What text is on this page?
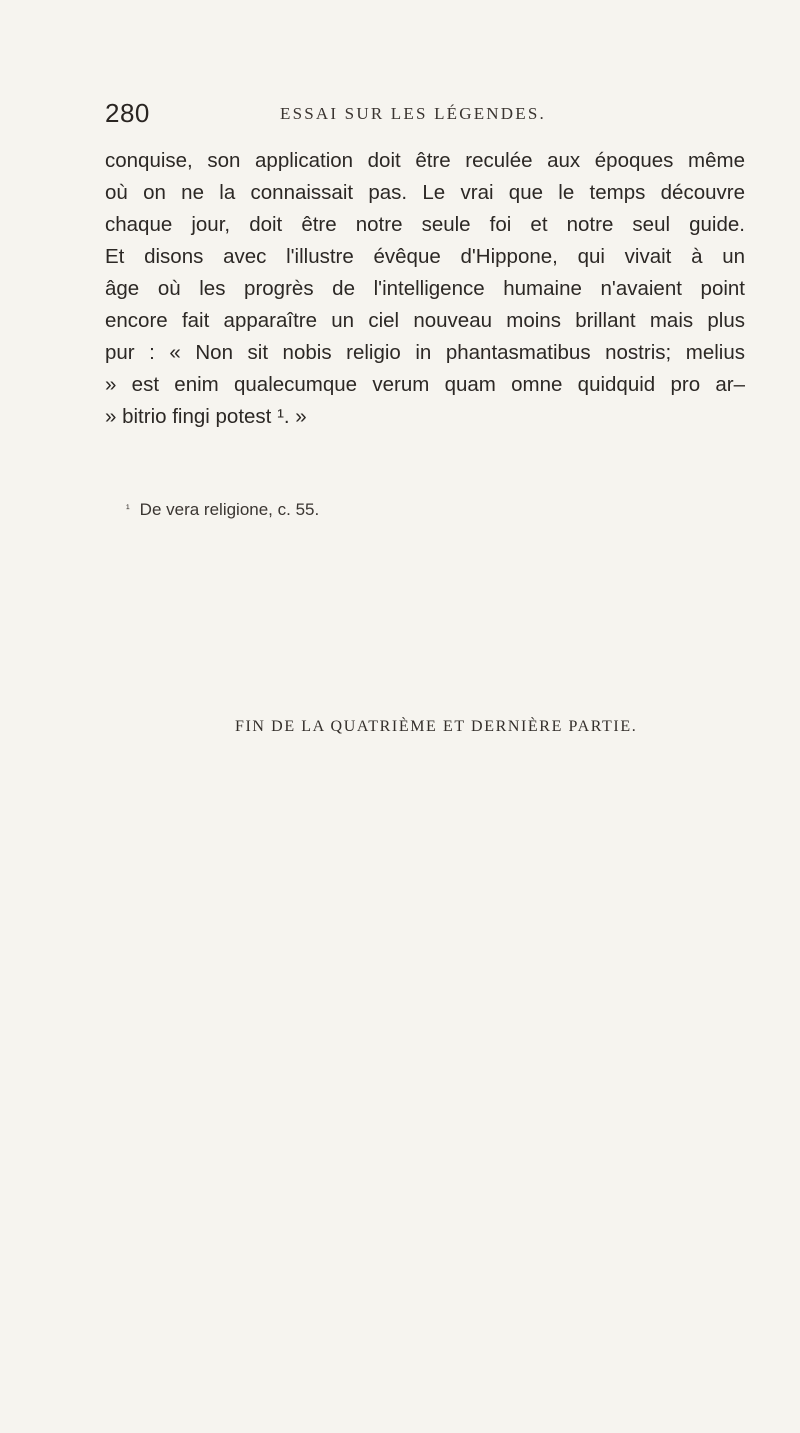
280	ESSAI SUR LES LÉGENDES.
conquise, son application doit être reculée aux époques même
où on ne la connaissait pas. Le vrai que le temps découvre
chaque jour, doit être notre seule foi et notre seul guide.
Et disons avec l'illustre évêque d'Hippone, qui vivait à un
âge où les progrès de l'intelligence humaine n'avaient point
encore fait apparaître un ciel nouveau moins brillant mais plus
pur : « Non sit nobis religio in phantasmatibus nostris; melius
» est enim qualecumque verum quam omne quidquid pro ar–
» bitrio fingi potest ¹. »
¹ De vera religione, c. 55.
FIN DE LA QUATRIÈME ET DERNIÈRE PARTIE.
